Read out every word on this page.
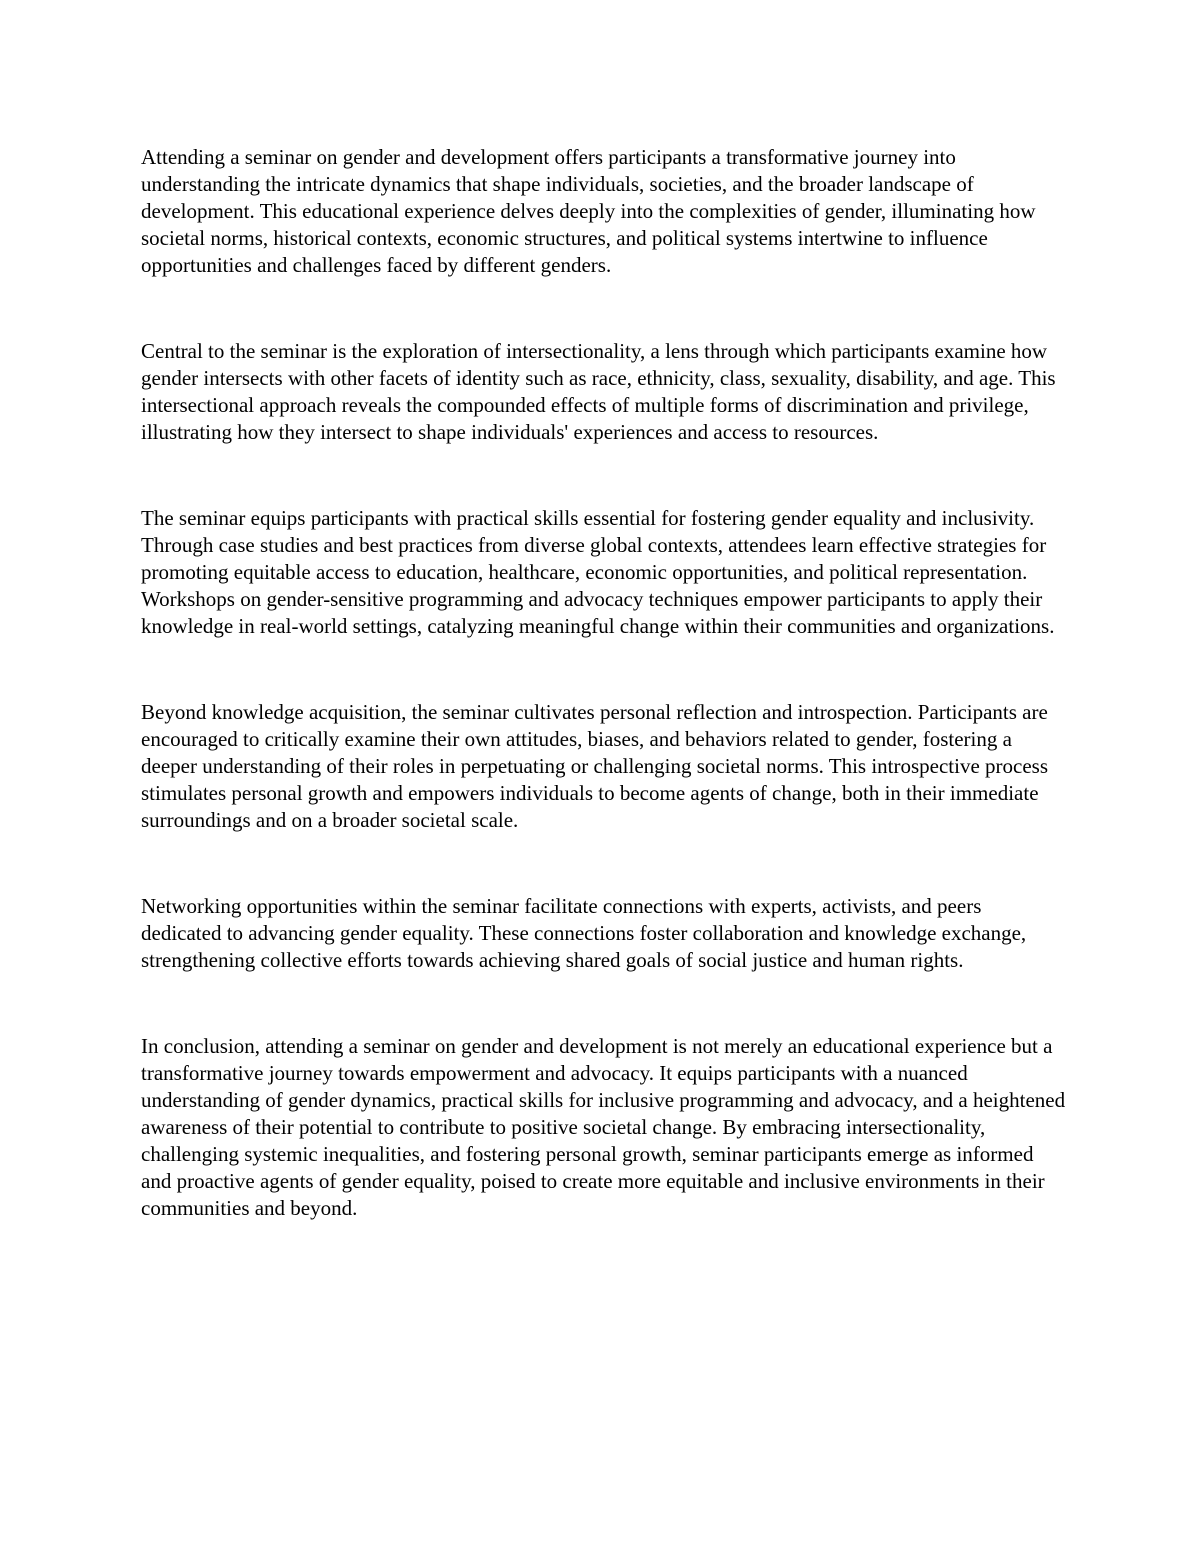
Attending a seminar on gender and development offers participants a transformative journey into understanding the intricate dynamics that shape individuals, societies, and the broader landscape of development. This educational experience delves deeply into the complexities of gender, illuminating how societal norms, historical contexts, economic structures, and political systems intertwine to influence opportunities and challenges faced by different genders.

Central to the seminar is the exploration of intersectionality, a lens through which participants examine how gender intersects with other facets of identity such as race, ethnicity, class, sexuality, disability, and age. This intersectional approach reveals the compounded effects of multiple forms of discrimination and privilege, illustrating how they intersect to shape individuals' experiences and access to resources.

The seminar equips participants with practical skills essential for fostering gender equality and inclusivity. Through case studies and best practices from diverse global contexts, attendees learn effective strategies for promoting equitable access to education, healthcare, economic opportunities, and political representation. Workshops on gender-sensitive programming and advocacy techniques empower participants to apply their knowledge in real-world settings, catalyzing meaningful change within their communities and organizations.

Beyond knowledge acquisition, the seminar cultivates personal reflection and introspection. Participants are encouraged to critically examine their own attitudes, biases, and behaviors related to gender, fostering a deeper understanding of their roles in perpetuating or challenging societal norms. This introspective process stimulates personal growth and empowers individuals to become agents of change, both in their immediate surroundings and on a broader societal scale.

Networking opportunities within the seminar facilitate connections with experts, activists, and peers dedicated to advancing gender equality. These connections foster collaboration and knowledge exchange, strengthening collective efforts towards achieving shared goals of social justice and human rights.

In conclusion, attending a seminar on gender and development is not merely an educational experience but a transformative journey towards empowerment and advocacy. It equips participants with a nuanced understanding of gender dynamics, practical skills for inclusive programming and advocacy, and a heightened awareness of their potential to contribute to positive societal change. By embracing intersectionality, challenging systemic inequalities, and fostering personal growth, seminar participants emerge as informed and proactive agents of gender equality, poised to create more equitable and inclusive environments in their communities and beyond.
